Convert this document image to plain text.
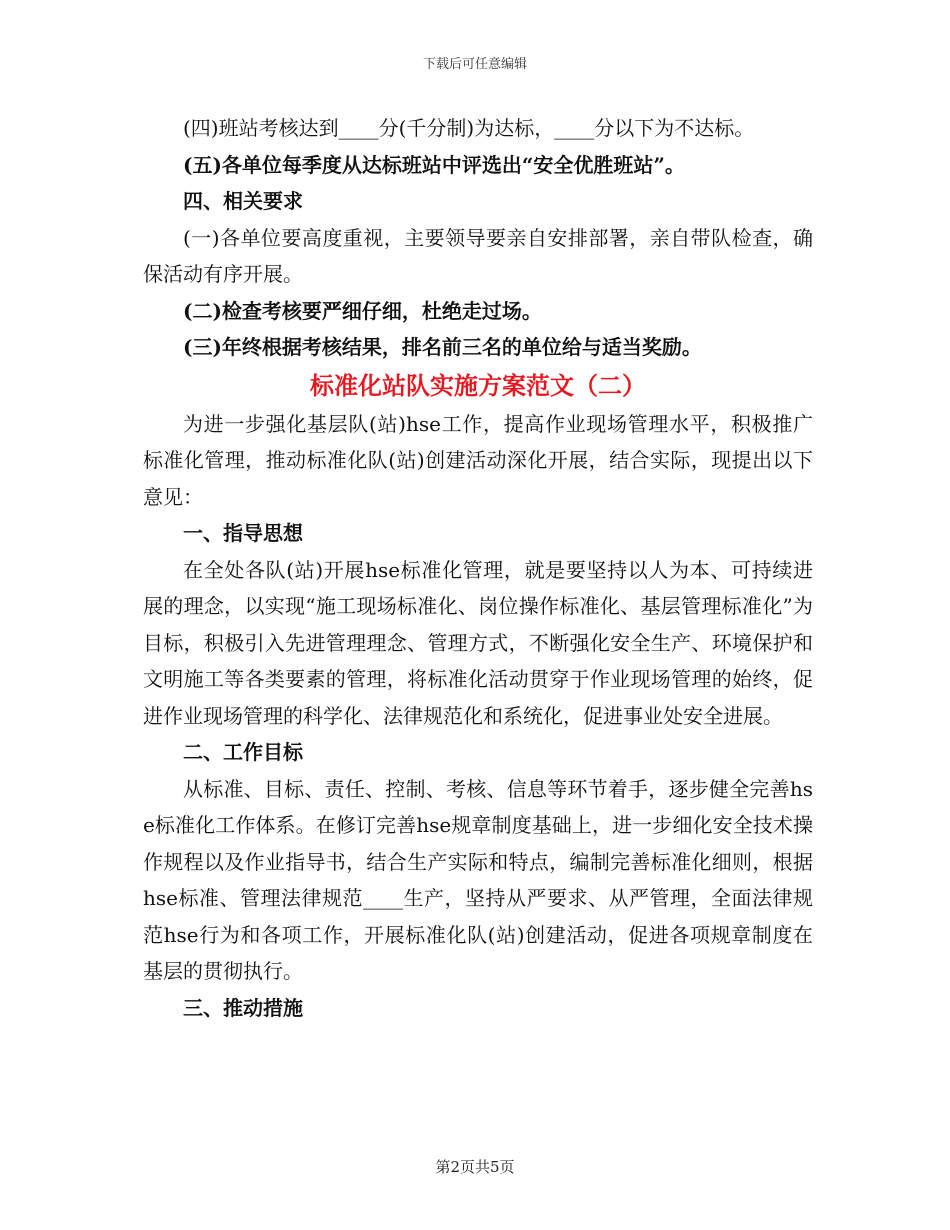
下载后可任意编辑

(四)班站考核达到____分(千分制)为达标，____分以下为不达标。

(五)各单位每季度从达标班站中评选出“安全优胜班站”。

四、相关要求

(一)各单位要高度重视，主要领导要亲自安排部署，亲自带队检查，确保活动有序开展。

(二)检查考核要严细仔细，杜绝走过场。

(三)年终根据考核结果，排名前三名的单位给与适当奖励。

标准化站队实施方案范文（二）

为进一步强化基层队(站)hse工作，提高作业现场管理水平，积极推广标准化管理，推动标准化队(站)创建活动深化开展，结合实际，现提出以下意见：

一、指导思想

在全处各队(站)开展hse标准化管理，就是要坚持以人为本、可持续进展的理念，以实现“施工现场标准化、岗位操作标准化、基层管理标准化”为目标，积极引入先进管理理念、管理方式，不断强化安全生产、环境保护和文明施工等各类要素的管理，将标准化活动贯穿于作业现场管理的始终，促进作业现场管理的科学化、法律规范化和系统化，促进事业处安全进展。

二、工作目标

从标准、目标、责任、控制、考核、信息等环节着手，逐步健全完善hse标准化工作体系。在修订完善hse规章制度基础上，进一步细化安全技术操作规程以及作业指导书，结合生产实际和特点，编制完善标准化细则，根据hse标准、管理法律规范____生产，坚持从严要求、从严管理，全面法律规范hse行为和各项工作，开展标准化队(站)创建活动，促进各项规章制度在基层的贯彻执行。

三、推动措施

第2页共5页
